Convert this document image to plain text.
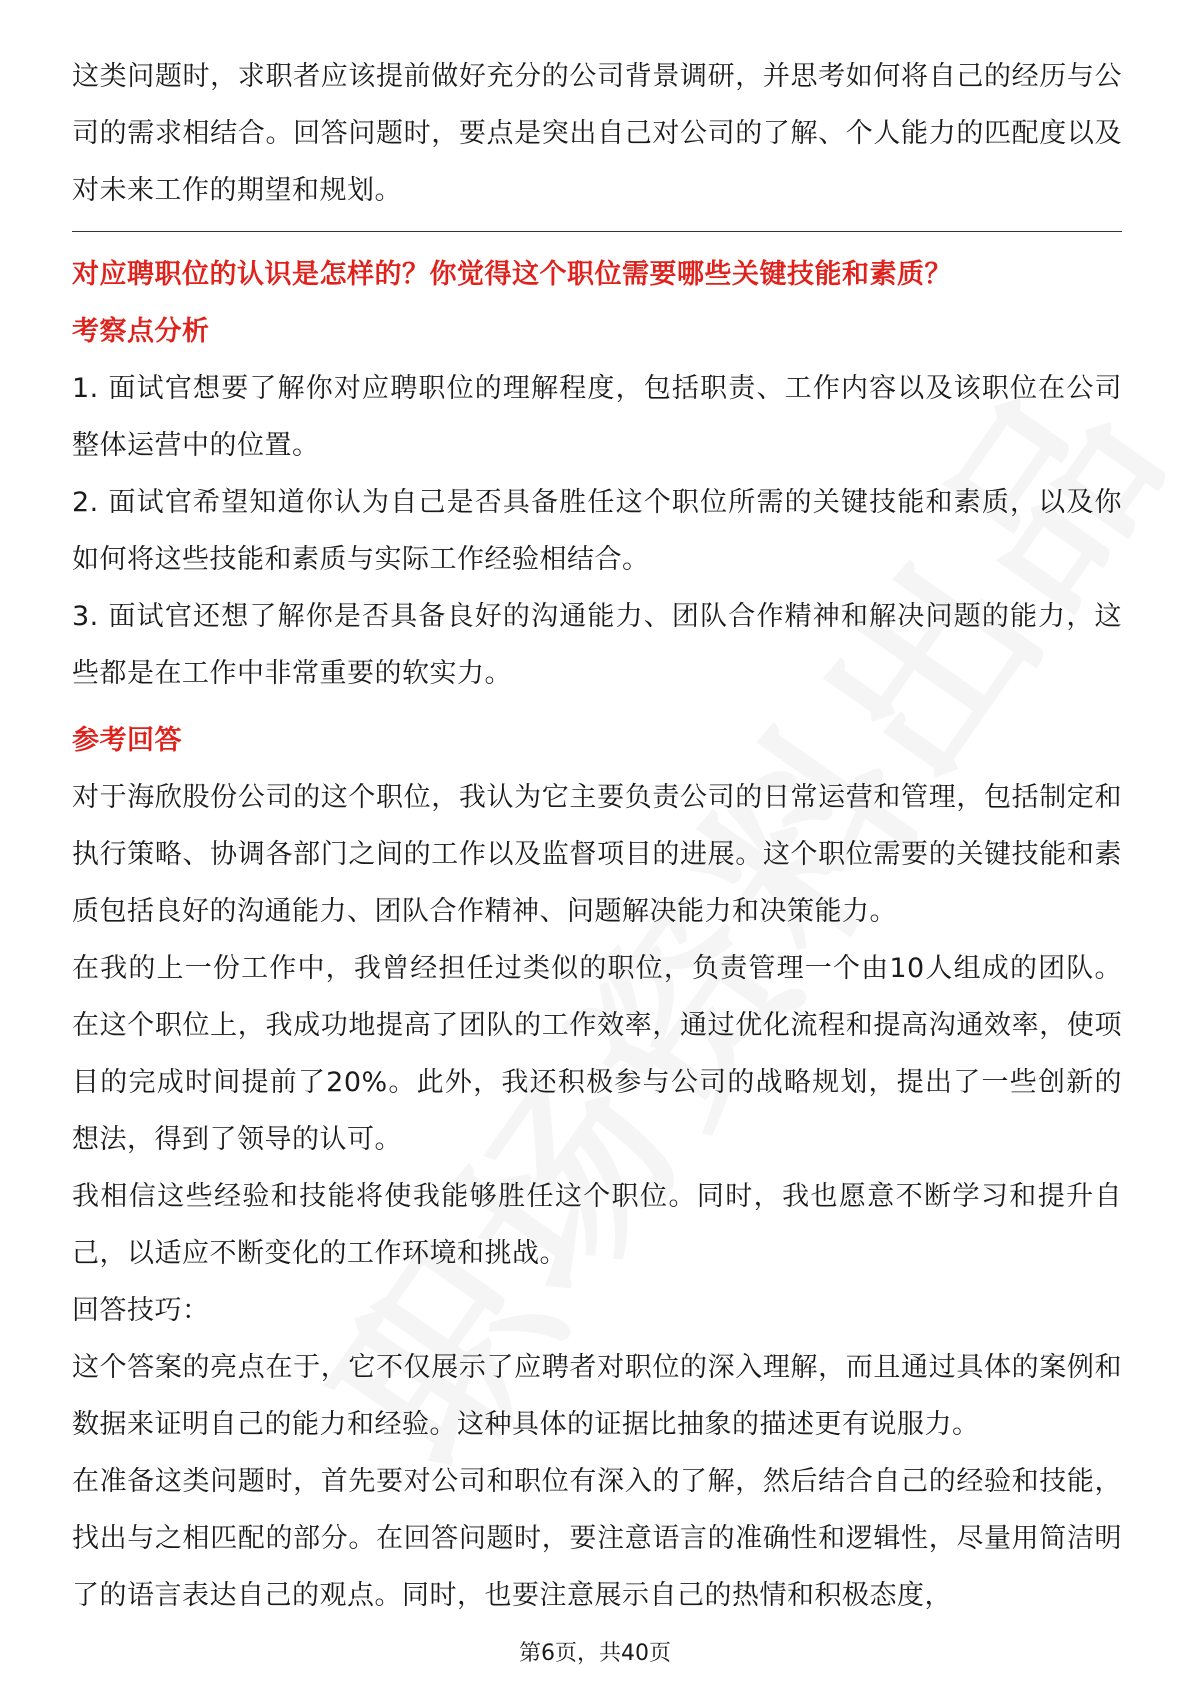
这类问题时，求职者应该提前做好充分的公司背景调研，并思考如何将自己的经历与公司的需求相结合。回答问题时，要点是突出自己对公司的了解、个人能力的匹配度以及对未来工作的期望和规划。

对应聘职位的认识是怎样的？你觉得这个职位需要哪些关键技能和素质？
考察点分析

1. 面试官想要了解你对应聘职位的理解程度，包括职责、工作内容以及该职位在公司整体运营中的位置。

2. 面试官希望知道你认为自己是否具备胜任这个职位所需的关键技能和素质，以及你如何将这些技能和素质与实际工作经验相结合。

3. 面试官还想了解你是否具备良好的沟通能力、团队合作精神和解决问题的能力，这些都是在工作中非常重要的软实力。

参考回答

对于海欣股份公司的这个职位，我认为它主要负责公司的日常运营和管理，包括制定和执行策略、协调各部门之间的工作以及监督项目的进展。这个职位需要的关键技能和素质包括良好的沟通能力、团队合作精神、问题解决能力和决策能力。

在我的上一份工作中，我曾经担任过类似的职位，负责管理一个由10人组成的团队。在这个职位上，我成功地提高了团队的工作效率，通过优化流程和提高沟通效率，使项目的完成时间提前了20%。此外，我还积极参与公司的战略规划，提出了一些创新的想法，得到了领导的认可。

我相信这些经验和技能将使我能够胜任这个职位。同时，我也愿意不断学习和提升自己，以适应不断变化的工作环境和挑战。

回答技巧：

这个答案的亮点在于，它不仅展示了应聘者对职位的深入理解，而且通过具体的案例和数据来证明自己的能力和经验。这种具体的证据比抽象的描述更有说服力。

在准备这类问题时，首先要对公司和职位有深入的了解，然后结合自己的经验和技能，找出与之相匹配的部分。在回答问题时，要注意语言的准确性和逻辑性，尽量用简洁明了的语言表达自己的观点。同时，也要注意展示自己的热情和积极态度，

第6页，共40页
